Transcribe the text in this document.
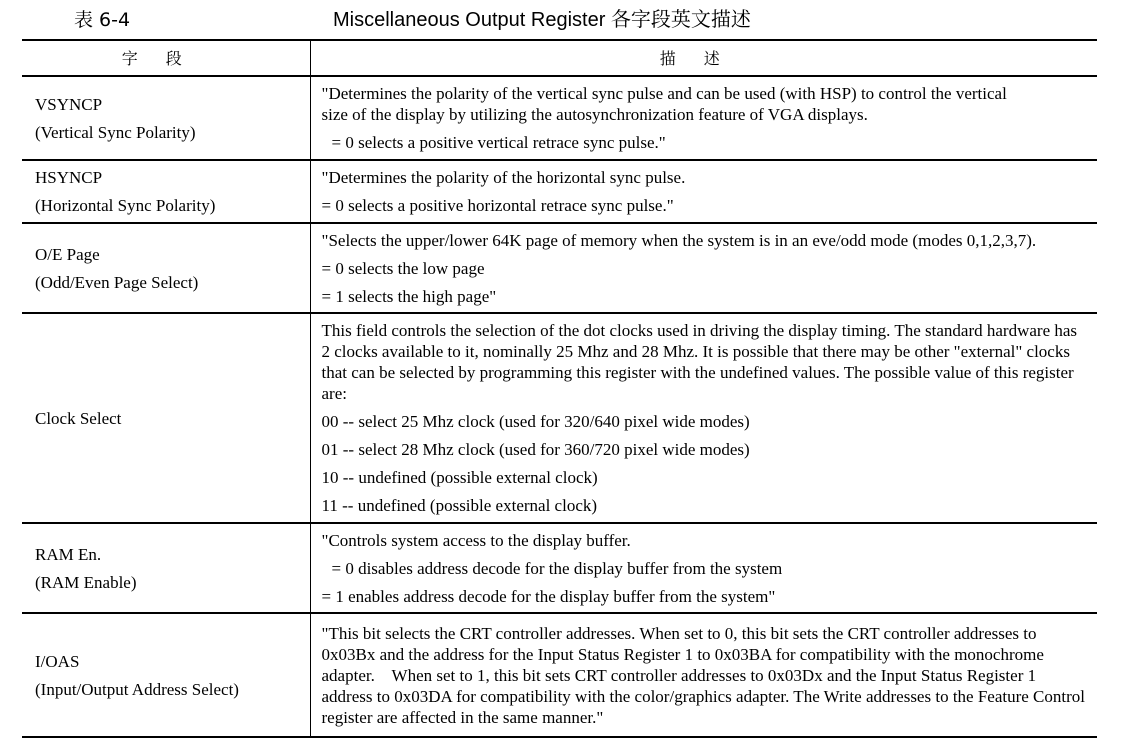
表 6-4	Miscellaneous Output Register 各字段英文描述
字段	描述

VSYNCP
(Vertical Sync Polarity)	"Determines the polarity of the vertical sync pulse and can be used (with HSP) to control the vertical
size of the display by utilizing the autosynchronization feature of VGA displays.
= 0 selects a positive vertical retrace sync pulse."

HSYNCP
(Horizontal Sync Polarity)	"Determines the polarity of the horizontal sync pulse.
= 0 selects a positive horizontal retrace sync pulse."

O/E Page
(Odd/Even Page Select)	"Selects the upper/lower 64K page of memory when the system is in an eve/odd mode (modes 0,1,2,3,7).
= 0 selects the low page
= 1 selects the high page"

Clock Select	This field controls the selection of the dot clocks used in driving the display timing. The standard hardware has 2 clocks available to it, nominally 25 Mhz and 28 Mhz. It is possible that there may be other "external" clocks that can be selected by programming this register with the undefined values. The possible value of this register are:

00 -- select 25 Mhz clock (used for 320/640 pixel wide modes)
01 -- select 28 Mhz clock (used for 360/720 pixel wide modes)
10 -- undefined (possible external clock)
11 -- undefined (possible external clock)

RAM En.
(RAM Enable)	"Controls system access to the display buffer.
= 0 disables address decode for the display buffer from the system
= 1 enables address decode for the display buffer from the system"

I/OAS
(Input/Output Address Select)	"This bit selects the CRT controller addresses. When set to 0, this bit sets the CRT controller addresses to 0x03Bx and the address for the Input Status Register 1 to 0x03BA for compatibility with the monochrome adapter.    When set to 1, this bit sets CRT controller addresses to 0x03Dx and the Input Status Register 1 address to 0x03DA for compatibility with the color/graphics adapter. The Write addresses to the Feature Control register are affected in the same manner."
